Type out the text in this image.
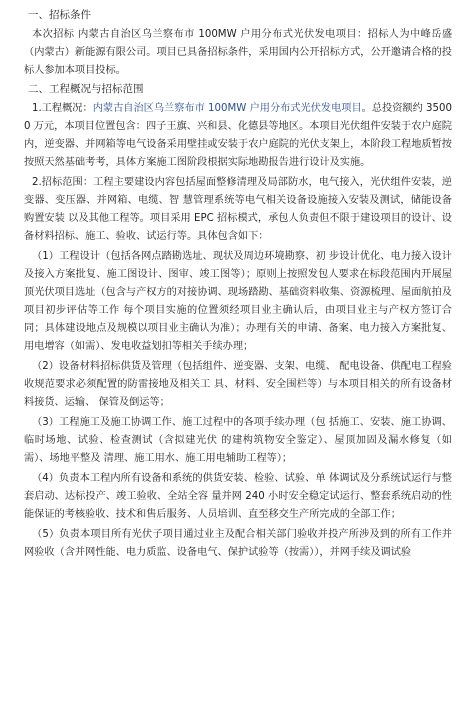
一、招标条件

本次招标 内蒙古自治区乌兰察布市 100MW 户用分布式光伏发电项目：招标人为中峰岳盛（内蒙古）新能源有限公司。项目已具备招标条件，采用国内公开招标方式，公开邀请合格的投标人参加本项目投标。

二、工程概况与招标范围

1.工程概况：内蒙古自治区乌兰察布市 100MW 户用分布式光伏发电项目。总投资额约 35000 万元，本项目位置包含：四子王旗、兴和县、化德县等地区。本项目光伏组件安装于农户庭院内，逆变器、并网箱等电气设备采用壁挂或安装于农户庭院的光伏支架上，本阶段工程地质暂按按照天然基础考考，具体方案施工图阶段根据实际地勘报告进行设计及实施。

2.招标范围：工程主要建设内容包括屋面整修清理及局部防水，电气接入，光伏组件安装，逆变器、变压器、并网箱、电缆、智 慧管理系统等电气相关设备设施接入安装及测试，储能设备购置安装 以及其他工程等。项目采用 EPC 招标模式，承包人负责但不限于建设项目的设计、设备材料招标、施工、验收、试运行等。具体包含如下：

（1）工程设计（包括各网点踏勘选址、现状及周边环境勘察、初 步设计优化、电力接入设计及接入方案批复、施工图设计、图审、竣工图等）；原则上按照发包人要求在标段范围内开展屋顶光伏项目选址（包含与产权方的对接协调、现场踏勘、基础资料收集、资源梳理、屋面航拍及项目初步评估等工作 每个项目实施的位置须经项目业主确认后，由项目业主与产权方签订合同；具体建设地点及规模以项目业主确认为准）；办理有关的申请、备案、电力接入方案批复、用电增容（如需）、发电收益划扣等相关手续办理；

（2）设备材料招标供货及管理（包括组件、逆变器、支架、电缆、 配电设备、供配电工程验收规范要求必须配置的防雷接地及相关工 具、材料、安全围栏等）与本项目相关的所有设备材料接货、运输、 保管及倒运等；

（3）工程施工及施工协调工作、施工过程中的各项手续办理（包 括施工、安装、施工协调、临时场地、试验、检查测试（含拟建光伏 的建构筑物安全鉴定）、屋顶加固及漏水修复（如需）、场地平整及 清理、施工用水、施工用电辅助工程等）；

（4）负责本工程内所有设备和系统的供货安装、检验、试验、单 体调试及分系统试运行与整套启动、达标投产、竣工验收、全站全容 量并网 240 小时安全稳定试运行、整套系统启动的性能保证的考核验收、技术和售后服务、人员培训、直至移交生产所完成的全部工作；

（5）负责本项目所有光伏子项目通过业主及配合相关部门验收并投产所涉及到的所有工作并网验收（含并网性能、电力质监、设备电气、保护试验等（按需）），并网手续及调试验
